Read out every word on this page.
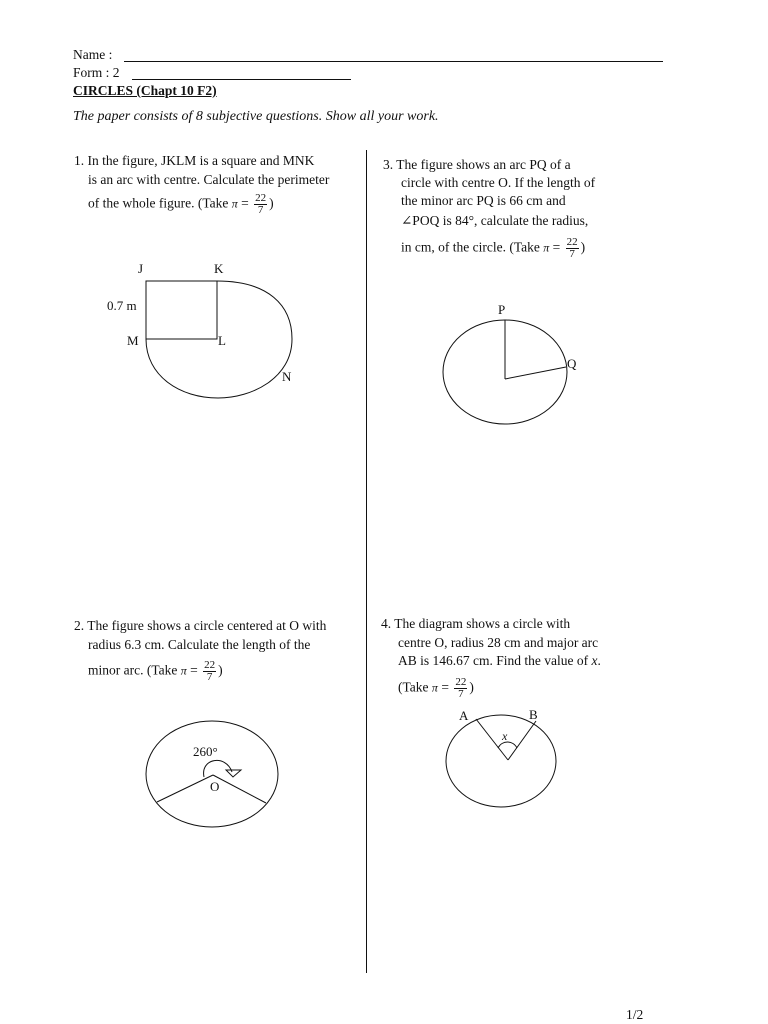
Name :
Form : 2
CIRCLES (Chapt 10 F2)
The paper consists of 8 subjective questions. Show all your work.
1. In the figure, JKLM is a square and MNK
is an arc with centre. Calculate the perimeter
of the whole figure. (Take $\pi = \frac{22}{7}$ )
J	K
0.7 m
M	L
N
2. The figure shows a circle centered at O with
radius 6.3 cm. Calculate the length of the
minor arc. (Take $\pi = \frac{22}{7}$ )
260°
O
3. The figure shows an arc PQ of a
circle with centre O. If the length of
the minor arc PQ is 66 cm and
∠POQ is 84°, calculate the radius,
in cm, of the circle. (Take $\pi = \frac{22}{7}$ )
P
Q
4. The diagram shows a circle with
centre O, radius 28 cm and major arc
AB is 146.67 cm. Find the value of x.
(Take $\pi = \frac{22}{7}$ )
A	B
x
1/2
